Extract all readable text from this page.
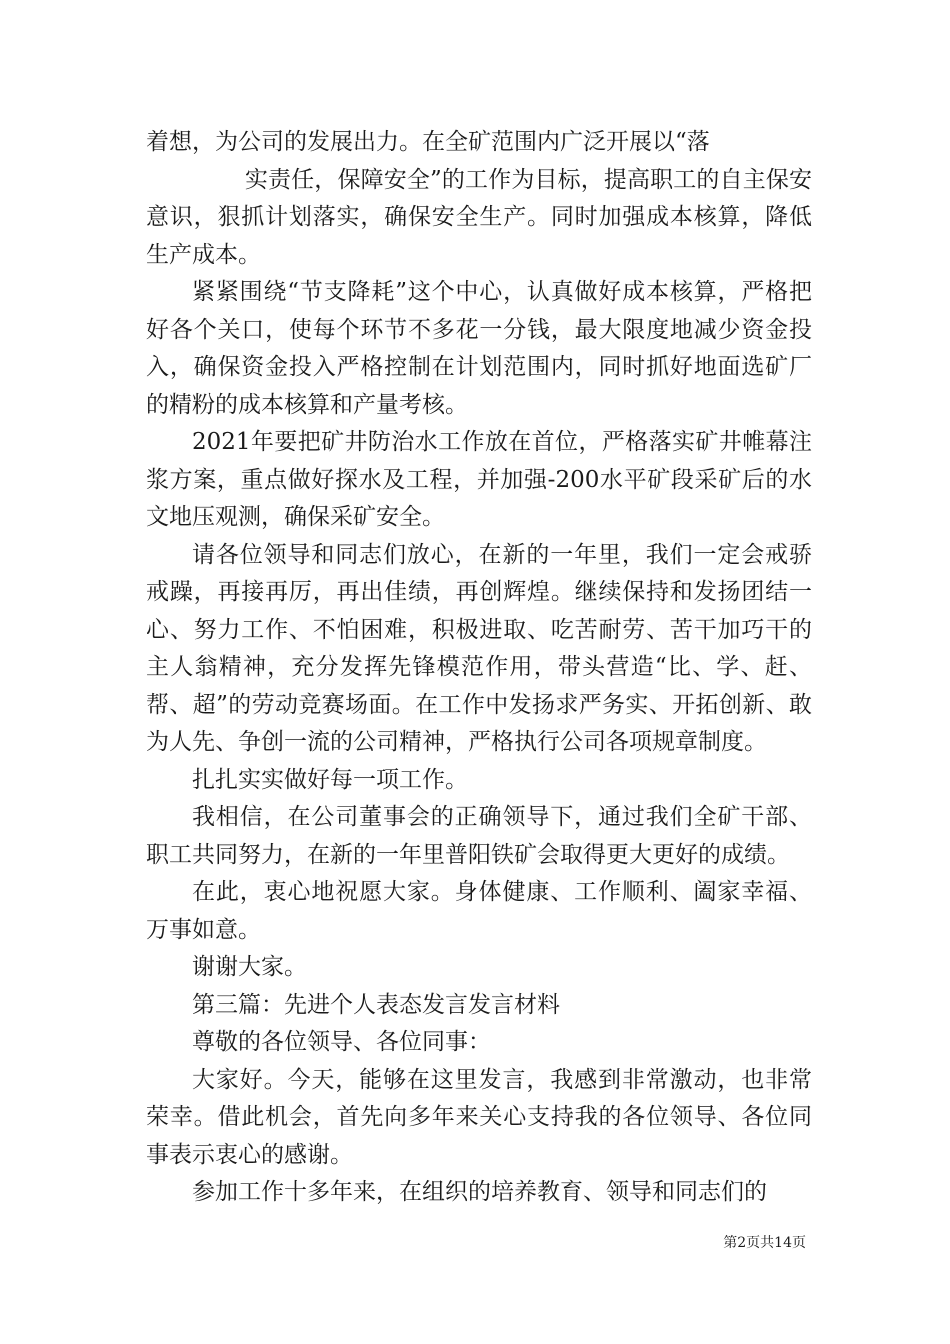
着想，为公司的发展出力。在全矿范围内广泛开展以“落

实责任，保障安全”的工作为目标，提高职工的自主保安意识，狠抓计划落实，确保安全生产。同时加强成本核算，降低生产成本。

紧紧围绕“节支降耗”这个中心，认真做好成本核算，严格把好各个关口，使每个环节不多花一分钱，最大限度地减少资金投入，确保资金投入严格控制在计划范围内，同时抓好地面选矿厂的精粉的成本核算和产量考核。

2021年要把矿井防治水工作放在首位，严格落实矿井帷幕注浆方案，重点做好探水及工程，并加强-200水平矿段采矿后的水文地压观测，确保采矿安全。

请各位领导和同志们放心，在新的一年里，我们一定会戒骄戒躁，再接再厉，再出佳绩，再创辉煌。继续保持和发扬团结一心、努力工作、不怕困难，积极进取、吃苦耐劳、苦干加巧干的主人翁精神，充分发挥先锋模范作用，带头营造“比、学、赶、帮、超”的劳动竞赛场面。在工作中发扬求严务实、开拓创新、敢为人先、争创一流的公司精神，严格执行公司各项规章制度。

扎扎实实做好每一项工作。

我相信，在公司董事会的正确领导下，通过我们全矿干部、职工共同努力，在新的一年里普阳铁矿会取得更大更好的成绩。

在此，衷心地祝愿大家。身体健康、工作顺利、阖家幸福、万事如意。

谢谢大家。

第三篇：先进个人表态发言发言材料

尊敬的各位领导、各位同事：

大家好。今天，能够在这里发言，我感到非常激动，也非常荣幸。借此机会，首先向多年来关心支持我的各位领导、各位同事表示衷心的感谢。

参加工作十多年来，在组织的培养教育、领导和同志们的

第2页共14页
